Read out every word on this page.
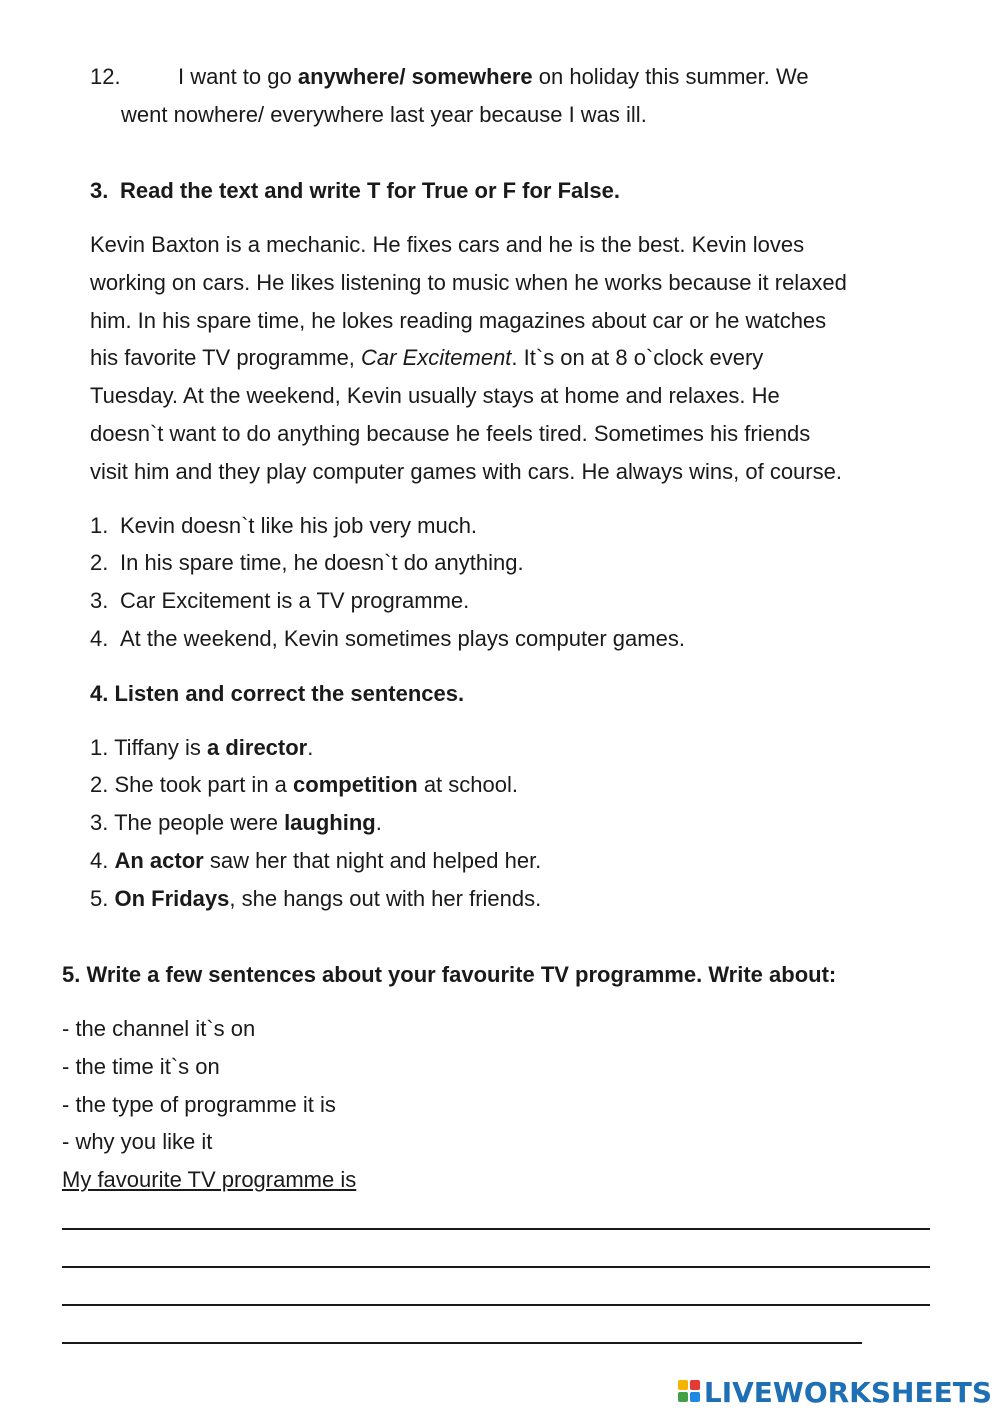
12.	I want to go anywhere/ somewhere on holiday this summer. We
went nowhere/ everywhere last year because I was ill.
3. Read the text and write T for True or F for False.
Kevin Baxton is a mechanic. He fixes cars and he is the best. Kevin loves
working on cars. He likes listening to music when he works because it relaxed
him. In his spare time, he lokes reading magazines about car or he watches
his favorite TV programme, Car Excitement. It`s on at 8 o`clock every
Tuesday. At the weekend, Kevin usually stays at home and relaxes. He
doesn`t want to do anything because he feels tired. Sometimes his friends
visit him and they play computer games with cars. He always wins, of course.
1. Kevin doesn`t like his job very much.
2. In his spare time, he doesn`t do anything.
3. Car Excitement is a TV programme.
4. At the weekend, Kevin sometimes plays computer games.
4. Listen and correct the sentences.
1. Tiffany is a director.
2. She took part in a competition at school.
3. The people were laughing.
4. An actor saw her that night and helped her.
5. On Fridays, she hangs out with her friends.
5. Write a few sentences about your favourite TV programme. Write about:
- the channel it`s on
- the time it`s on
- the type of programme it is
- why you like it
My favourite TV programme is
LIVEWORKSHEETS
